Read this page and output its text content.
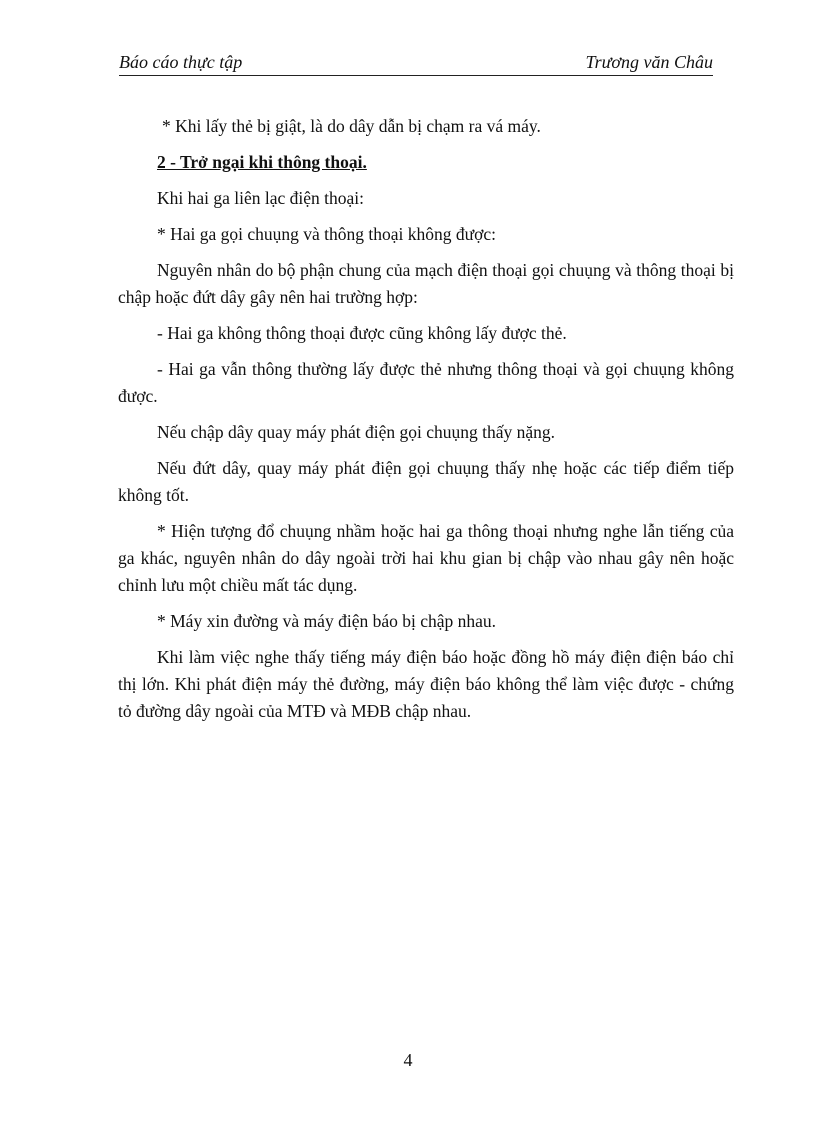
Báo cáo thực tập	Trương văn Châu

* Khi lấy thẻ bị giật, là do dây dẫn bị chạm ra vá máy.

2 - Trở ngại khi thông thoại.

Khi hai ga liên lạc điện thoại:

* Hai ga gọi chuụng và thông thoại không được:

Nguyên nhân do bộ phận chung của mạch điện thoại gọi chuụng và thông thoại bị chập hoặc đứt dây gây nên hai trường hợp:

- Hai ga không thông thoại được cũng không lấy được thẻ.

- Hai ga vẫn thông thường lấy được thẻ nhưng thông thoại và gọi chuụng không được.

Nếu chập dây quay máy phát điện gọi chuụng thấy nặng.

Nếu đứt dây, quay máy phát điện gọi chuụng thấy nhẹ hoặc các tiếp điểm tiếp không tốt.

* Hiện tượng đổ chuụng nhầm hoặc hai ga thông thoại nhưng nghe lẫn tiếng của ga khác, nguyên nhân do dây ngoài trời hai khu gian bị chập vào nhau gây nên hoặc chỉnh lưu một chiều mất tác dụng.

* Máy xin đường và máy điện báo bị chập nhau.

Khi làm việc nghe thấy tiếng máy điện báo hoặc đồng hồ máy điện điện báo chỉ thị lớn. Khi phát điện máy thẻ đường, máy điện báo không thể làm việc được - chứng tỏ đường dây ngoài của MTĐ và MĐB chập nhau.

4
